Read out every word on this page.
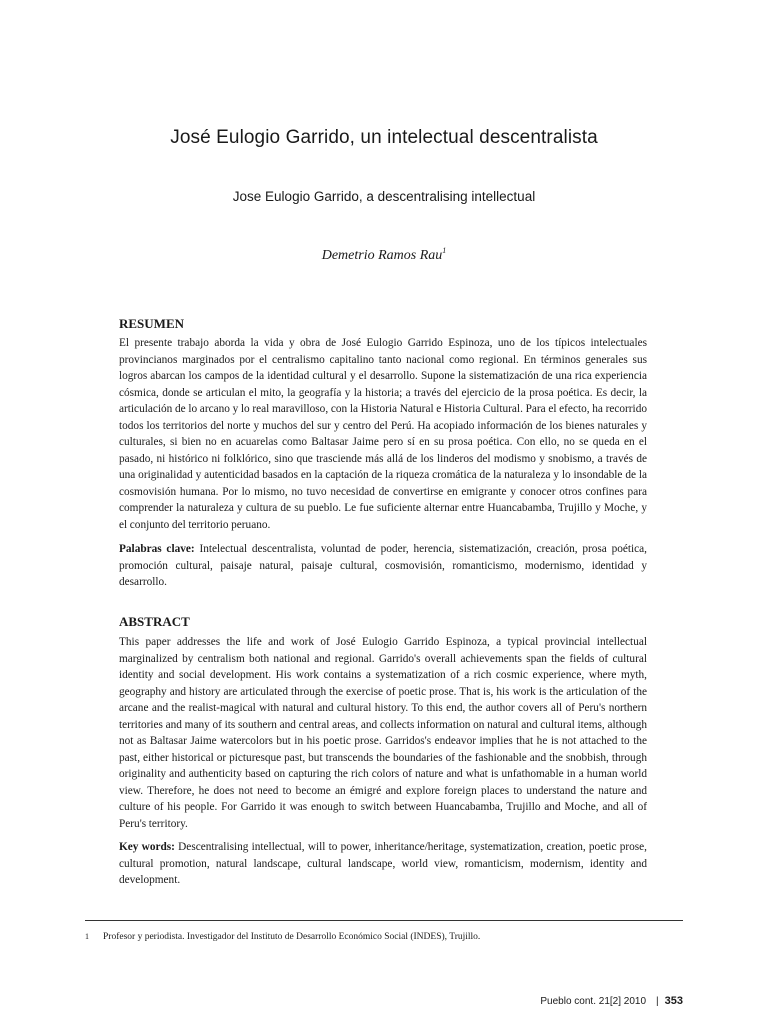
José Eulogio Garrido, un intelectual descentralista
Jose Eulogio Garrido, a descentralising intellectual

Demetrio Ramos Rau$^1$

RESUMEN

El presente trabajo aborda la vida y obra de José Eulogio Garrido Espinoza, uno de los típicos intelectuales provincianos marginados por el centralismo capitalino tanto nacional como regional. En términos generales sus logros abarcan los campos de la identidad cultural y el desarrollo. Supone la sistematización de una rica experiencia cósmica, donde se articulan el mito, la geografía y la historia; a través del ejercicio de la prosa poética. Es decir, la articulación de lo arcano y lo real maravilloso, con la Historia Natural e Historia Cultural. Para el efecto, ha recorrido todos los territorios del norte y muchos del sur y centro del Perú. Ha acopiado información de los bienes naturales y culturales, si bien no en acuarelas como Baltasar Jaime pero sí en su prosa poética. Con ello, no se queda en el pasado, ni histórico ni folklórico, sino que trasciende más allá de los linderos del modismo y snobismo, a través de una originalidad y autenticidad basados en la captación de la riqueza cromática de la naturaleza y lo insondable de la cosmovisión humana. Por lo mismo, no tuvo necesidad de convertirse en emigrante y conocer otros confines para comprender la naturaleza y cultura de su pueblo. Le fue suficiente alternar entre Huancabamba, Trujillo y Moche, y el conjunto del territorio peruano.

Palabras clave: Intelectual descentralista, voluntad de poder, herencia, sistematización, creación, prosa poética, promoción cultural, paisaje natural, paisaje cultural, cosmovisión, romanticismo, modernismo, identidad y desarrollo.

ABSTRACT

This paper addresses the life and work of José Eulogio Garrido Espinoza, a typical provincial intellectual marginalized by centralism both national and regional. Garrido's overall achievements span the fields of cultural identity and social development. His work contains a systematization of a rich cosmic experience, where myth, geography and history are articulated through the exercise of poetic prose. That is, his work is the articulation of the arcane and the realist-magical with natural and cultural history. To this end, the author covers all of Peru's northern territories and many of its southern and central areas, and collects information on natural and cultural items, although not as Baltasar Jaime watercolors but in his poetic prose. Garridos's endeavor implies that he is not attached to the past, either historical or picturesque past, but transcends the boundaries of the fashionable and the snobbish, through originality and authenticity based on capturing the rich colors of nature and what is unfathomable in a human world view. Therefore, he does not need to become an émigré and explore foreign places to understand the nature and culture of his people. For Garrido it was enough to switch between Huancabamba, Trujillo and Moche, and all of Peru's territory.

Key words: Descentralising intellectual, will to power, inheritance/heritage, systematization, creation, poetic prose, cultural promotion, natural landscape, cultural landscape, world view, romanticism, modernism, identity and development.

1 Profesor y periodista. Investigador del Instituto de Desarrollo Económico Social (INDES), Trujillo.
Pueblo cont. 21[2] 2010 | 353
